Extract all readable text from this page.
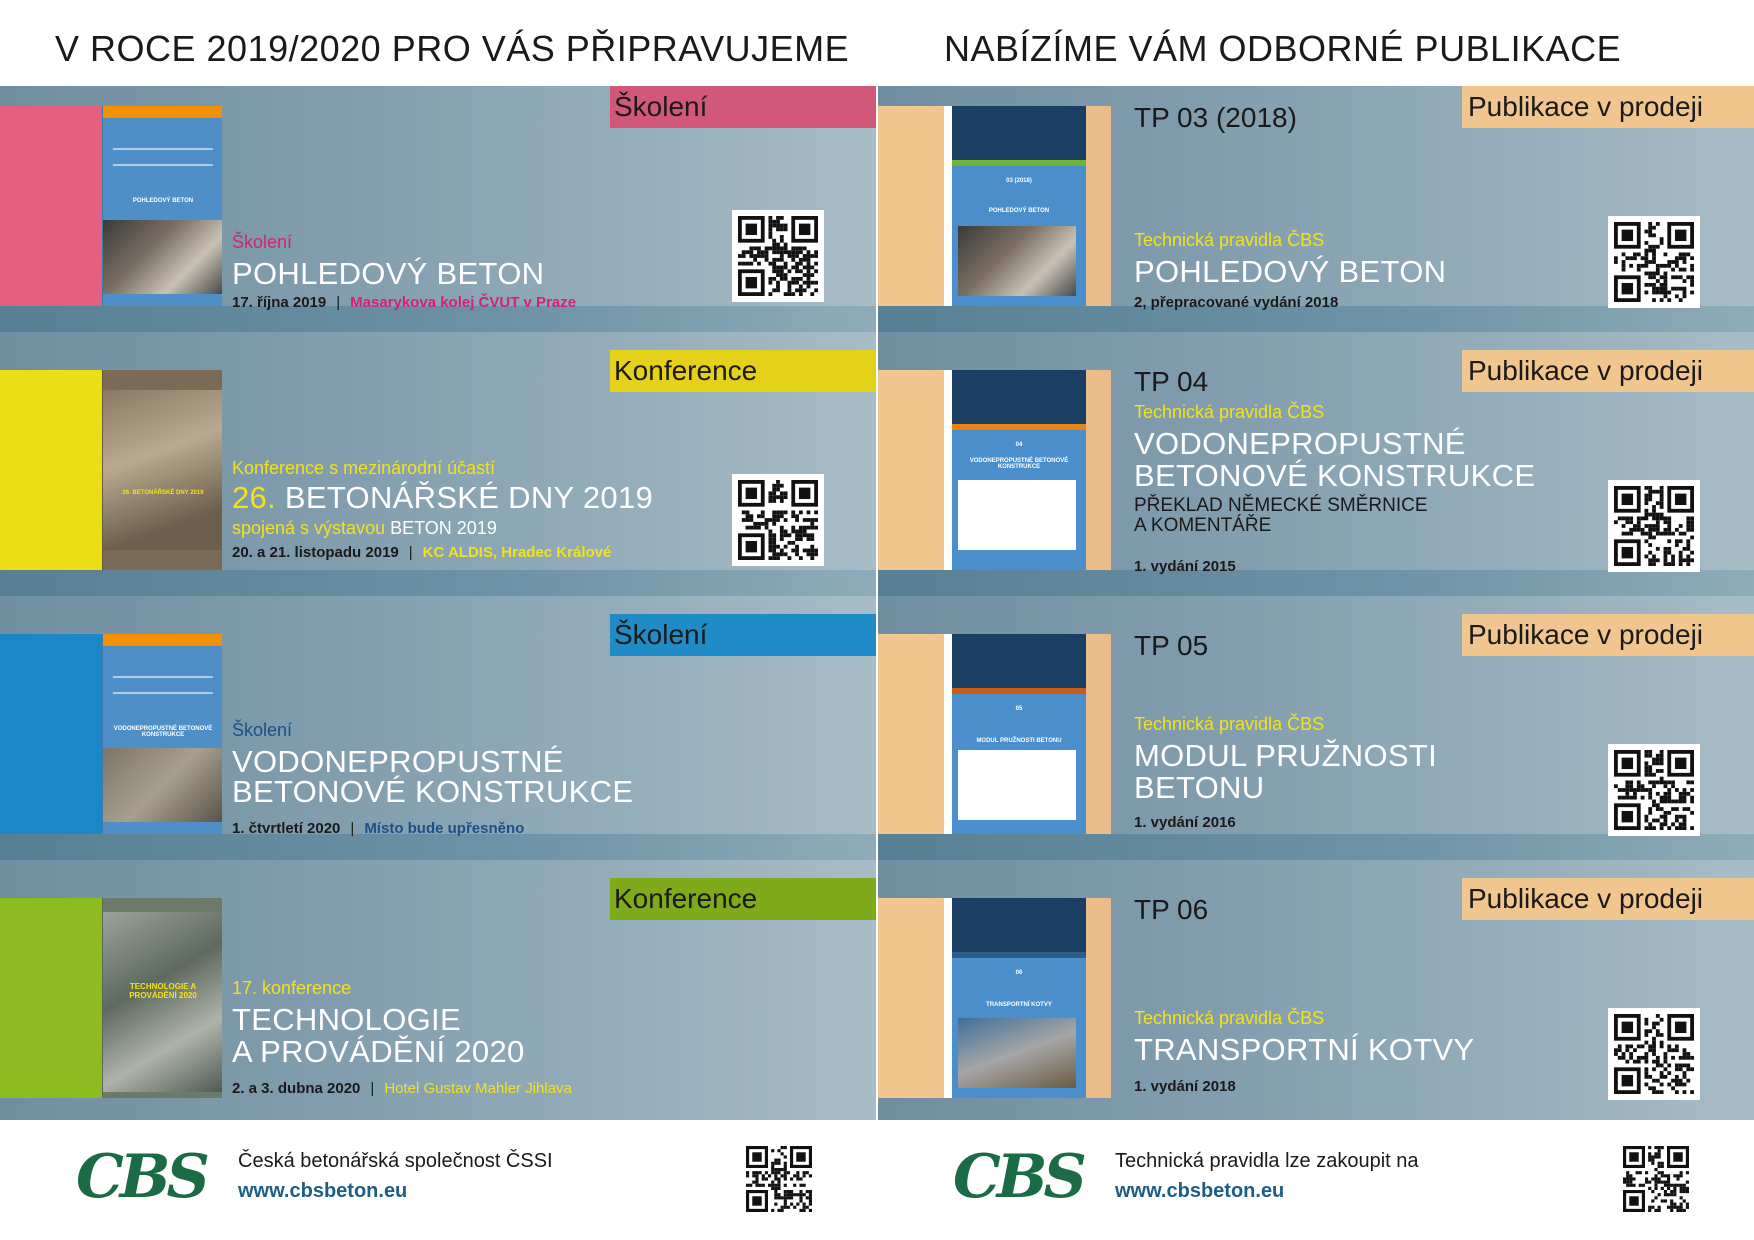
V ROCE 2019/2020 PRO VÁS PŘIPRAVUJEME	NABÍZÍME VÁM ODBORNÉ PUBLIKACE
POHLEDOVÝ BETON
Školení
Školení
POHLEDOVÝ BETON
17. října 2019 | Masarykova kolej ČVUT v Praze
26. BETONÁŘSKÉ DNY 2019
Konference
Konference s mezinárodní účastí
26. BETONÁŘSKÉ DNY 2019
spojená s výstavou BETON 2019
20. a 21. listopadu 2019 | KC ALDIS, Hradec Králové
VODONEPROPUSTNÉ BETONOVÉ KONSTRUKCE
Školení
Školení
VODONEPROPUSTNÉ
BETONOVÉ KONSTRUKCE
1. čtvrtletí 2020 | Místo bude upřesněno
TECHNOLOGIE A PROVÁDĚNÍ 2020
Konference
17. konference
TECHNOLOGIE
A PROVÁDĚNÍ 2020
2. a 3. dubna 2020 | Hotel Gustav Mahler Jihlava
03 (2018)
POHLEDOVÝ BETON
TP 03 (2018)	Publikace v prodeji
Technická pravidla ČBS
POHLEDOVÝ BETON
2, přepracované vydání 2018
04
VODONEPROPUSTNÉ BETONOVÉ KONSTRUKCE
TP 04	Publikace v prodeji
Technická pravidla ČBS
VODONEPROPUSTNÉ
BETONOVÉ KONSTRUKCE
PŘEKLAD NĚMECKÉ SMĚRNICE
A KOMENTÁŘE
1. vydání 2015
05
MODUL PRUŽNOSTI BETONU
TP 05	Publikace v prodeji
Technická pravidla ČBS
MODUL PRUŽNOSTI
BETONU
1. vydání 2016
06
TRANSPORTNÍ KOTVY
TP 06	Publikace v prodeji
Technická pravidla ČBS
TRANSPORTNÍ KOTVY
1. vydání 2018
CBS Česká betonářská společnost ČSSI
www.cbsbeton.eu	CBS Technická pravidla lze zakoupit na
www.cbsbeton.eu
